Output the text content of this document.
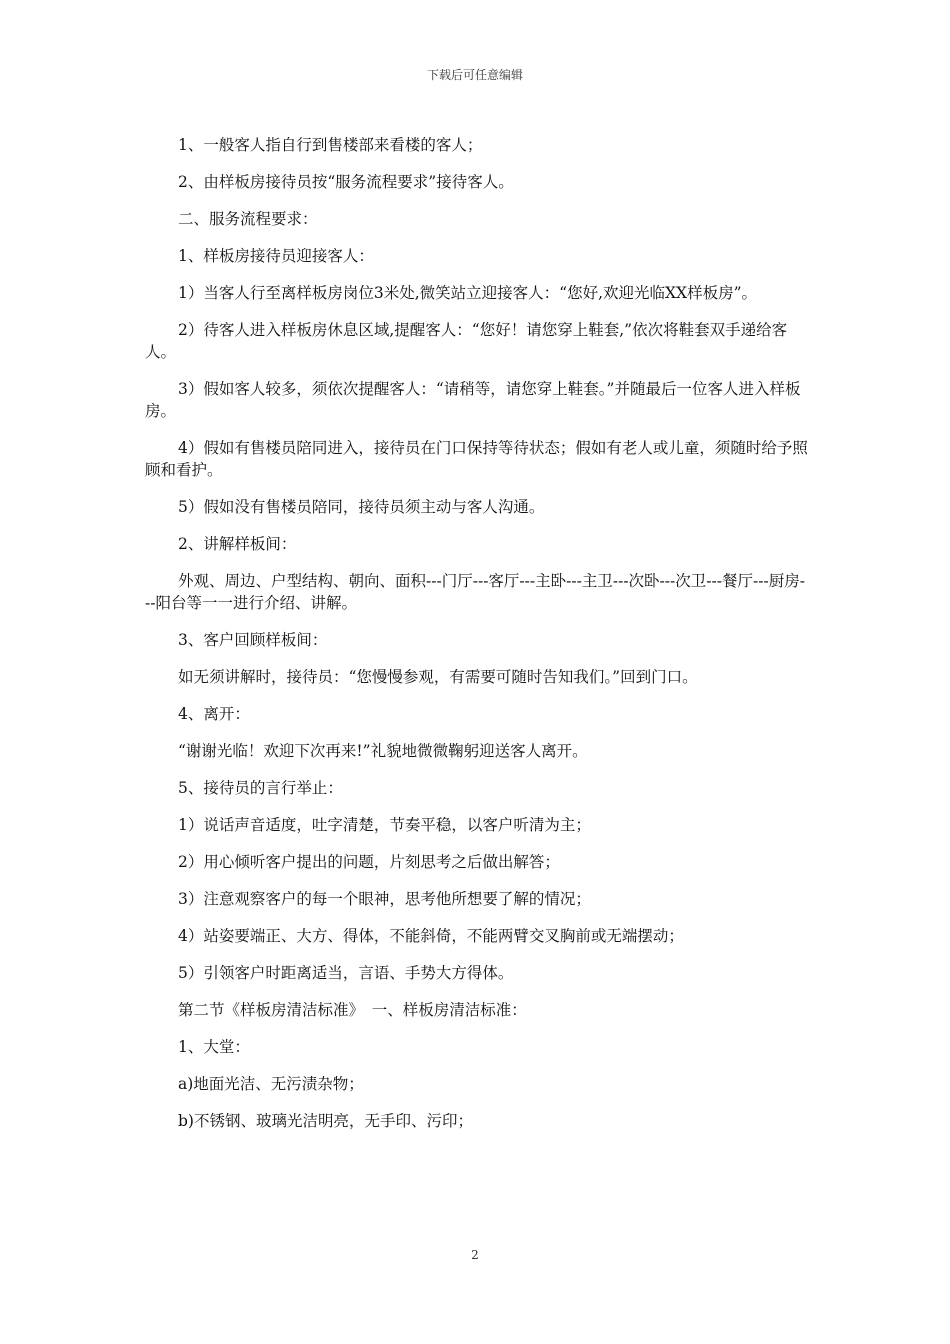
下载后可任意编辑

1、一般客人指自行到售楼部来看楼的客人；

2、由样板房接待员按“服务流程要求”接待客人。

二、服务流程要求：

1、样板房接待员迎接客人：

1）当客人行至离样板房岗位3米处,微笑站立迎接客人：“您好,欢迎光临XX样板房”。

2）待客人进入样板房休息区域,提醒客人：“您好！请您穿上鞋套,”依次将鞋套双手递给客人。

3）假如客人较多，须依次提醒客人：“请稍等，请您穿上鞋套。”并随最后一位客人进入样板房。

4）假如有售楼员陪同进入，接待员在门口保持等待状态；假如有老人或儿童，须随时给予照顾和看护。

5）假如没有售楼员陪同，接待员须主动与客人沟通。

2、讲解样板间：

外观、周边、户型结构、朝向、面积---门厅---客厅---主卧---主卫---次卧---次卫---餐厅---厨房---阳台等一一进行介绍、讲解。

3、客户回顾样板间：

如无须讲解时，接待员：“您慢慢参观，有需要可随时告知我们。”回到门口。

4、离开：

“谢谢光临！欢迎下次再来!”礼貌地微微鞠躬迎送客人离开。

5、接待员的言行举止：

1）说话声音适度，吐字清楚，节奏平稳，以客户听清为主；

2）用心倾听客户提出的问题，片刻思考之后做出解答；

3）注意观察客户的每一个眼神，思考他所想要了解的情况；

4）站姿要端正、大方、得体，不能斜倚，不能两臂交叉胸前或无端摆动；

5）引领客户时距离适当，言语、手势大方得体。

第二节《样板房清洁标准》　一、样板房清洁标准：

1、大堂：

a)地面光洁、无污渍杂物；

b)不锈钢、玻璃光洁明亮，无手印、污印；

2
